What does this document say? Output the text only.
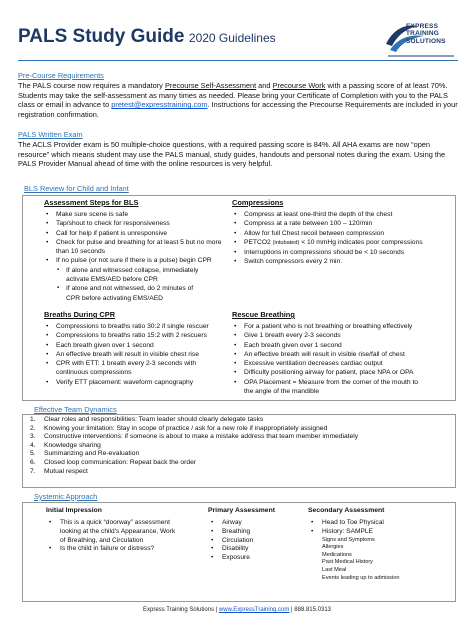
PALS Study Guide 2020 Guidelines
EXPRESS
TRAINING
SOLUTIONS
Pre-Course Requirements
The PALS course now requires a mandatory Precourse Self-Assessment and Precourse Work with a passing score of at least 70%. Students may take the self-assessment as many times as needed. Please bring your Certificate of Completion with you to the PALS class or email in advance to pretest@expresstraining.com. Instructions for accessing the Precourse Requirements are included in your registration confirmation.
PALS Written Exam
The ACLS Provider exam is 50 multiple-choice questions, with a required passing score is 84%. All AHA exams are now “open resource” which means student may use the PALS manual, study guides, handouts and personal notes during the exam. Using the PALS Provider Manual ahead of time with the online resources is very helpful.
BLS Review for Child and Infant
Assessment Steps for BLS
• Make sure scene is safe
• Tap/shout to check for responsiveness
• Call for help if patient is unresponsive
• Check for pulse and breathing for at least 5 but no more than 10 seconds
• If no pulse (or not sure if there is a pulse) begin CPR
▪ If alone and witnessed collapse, immediately
activate EMS/AED before CPR
▪ If alone and not witnessed, do 2 minutes of
CPR before activating EMS/AED
Compressions
• Compress at least one-third the depth of the chest
• Compress at a rate between 100 – 120/min
• Allow for full Chest recoil between compression
• PETCO2 (intubated) < 10 mmHg indicates poor compressions
• Interruptions in compressions should be < 10 seconds
• Switch compressors every 2 min.
Breaths During CPR
• Compressions to breaths ratio 30:2 if single rescuer
• Compressions to breaths ratio 15:2 with 2 rescuers
• Each breath given over 1 second
• An effective breath will result in visible chest rise
• CPR with ETT: 1 breath every 2-3 seconds with
continuous compressions
• Verify ETT placement: waveform capnography
Rescue Breathing
• For a patient who is not breathing or breathing effectively
• Give 1 breath every 2-3 seconds
• Each breath given over 1 second
• An effective breath will result in visible rise/fall of chest
• Excessive ventilation decreases cardiac output
• Difficulty positioning airway for patient, place NPA or OPA
• OPA Placement = Measure from the corner of the mouth to
the angle of the mandible
Effective Team Dynamics
1. Clear roles and responsibilities: Team leader should clearly delegate tasks
2. Knowing your limitation: Stay in scope of practice / ask for a new role if inappropriately assigned
3. Constructive interventions: if someone is about to make a mistake address that team member immediately
4. Knowledge sharing
5. Summarizing and Re-evaluation
6. Closed loop communication: Repeat back the order
7. Mutual respect
Systemic Approach
Initial Impression
• This is a quick “doorway” assessment
looking at the child’s Appearance, Work
of Breathing, and Circulation
• Is the child in failure or distress?
Primary Assessment
• Airway
• Breathing
• Circulation
• Disability
• Exposure
Secondary Assessment
• Head to Toe Physical
• History: SAMPLE
Signs and Symptoms
Allergies
Medications
Past Medical History
Last Meal
Events leading up to admission
Express Training Solutions | www.ExpressTraining.com | 888.815.0313
